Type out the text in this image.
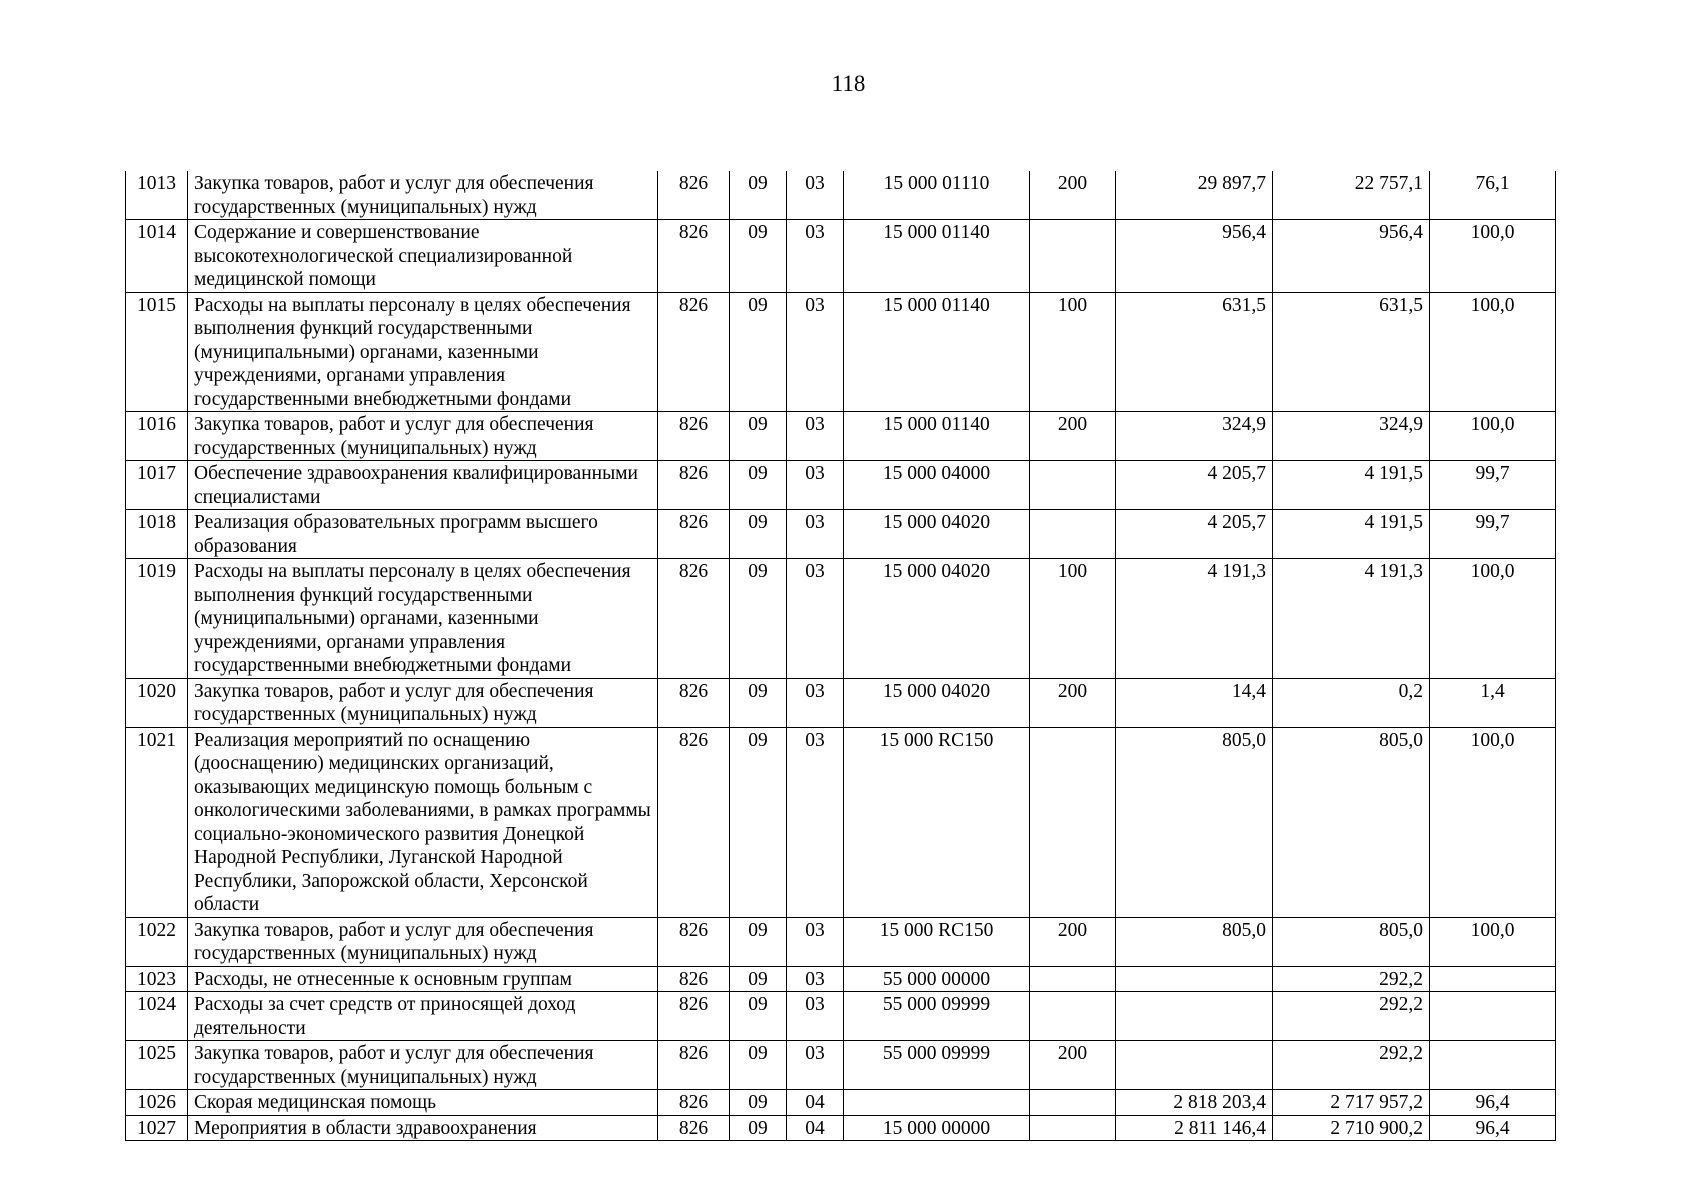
118
1013	Закупка товаров, работ и услуг для обеспечения государственных (муниципальных) нужд	826	09	03	15 000 01110	200	29 897,7	22 757,1	76,1
1014	Содержание и совершенствование высокотехнологической специализированной медицинской помощи	826	09	03	15 000 01140		956,4	956,4	100,0
1015	Расходы на выплаты персоналу в целях обеспечения выполнения функций государственными (муниципальными) органами, казенными учреждениями, органами управления государственными внебюджетными фондами	826	09	03	15 000 01140	100	631,5	631,5	100,0
1016	Закупка товаров, работ и услуг для обеспечения государственных (муниципальных) нужд	826	09	03	15 000 01140	200	324,9	324,9	100,0
1017	Обеспечение здравоохранения квалифицированными специалистами	826	09	03	15 000 04000		4 205,7	4 191,5	99,7
1018	Реализация образовательных программ высшего образования	826	09	03	15 000 04020		4 205,7	4 191,5	99,7
1019	Расходы на выплаты персоналу в целях обеспечения выполнения функций государственными (муниципальными) органами, казенными учреждениями, органами управления государственными внебюджетными фондами	826	09	03	15 000 04020	100	4 191,3	4 191,3	100,0
1020	Закупка товаров, работ и услуг для обеспечения государственных (муниципальных) нужд	826	09	03	15 000 04020	200	14,4	0,2	1,4
1021	Реализация мероприятий по оснащению (дооснащению) медицинских организаций, оказывающих медицинскую помощь больным с онкологическими заболеваниями, в рамках программы социально-экономического развития Донецкой Народной Республики, Луганской Народной Республики, Запорожской области, Херсонской области	826	09	03	15 000 RC150		805,0	805,0	100,0
1022	Закупка товаров, работ и услуг для обеспечения государственных (муниципальных) нужд	826	09	03	15 000 RC150	200	805,0	805,0	100,0
1023	Расходы, не отнесенные к основным группам	826	09	03	55 000 00000			292,2	
1024	Расходы за счет средств от приносящей доход деятельности	826	09	03	55 000 09999			292,2	
1025	Закупка товаров, работ и услуг для обеспечения государственных (муниципальных) нужд	826	09	03	55 000 09999	200		292,2	
1026	Скорая медицинская помощь	826	09	04			2 818 203,4	2 717 957,2	96,4
1027	Мероприятия в области здравоохранения	826	09	04	15 000 00000		2 811 146,4	2 710 900,2	96,4
